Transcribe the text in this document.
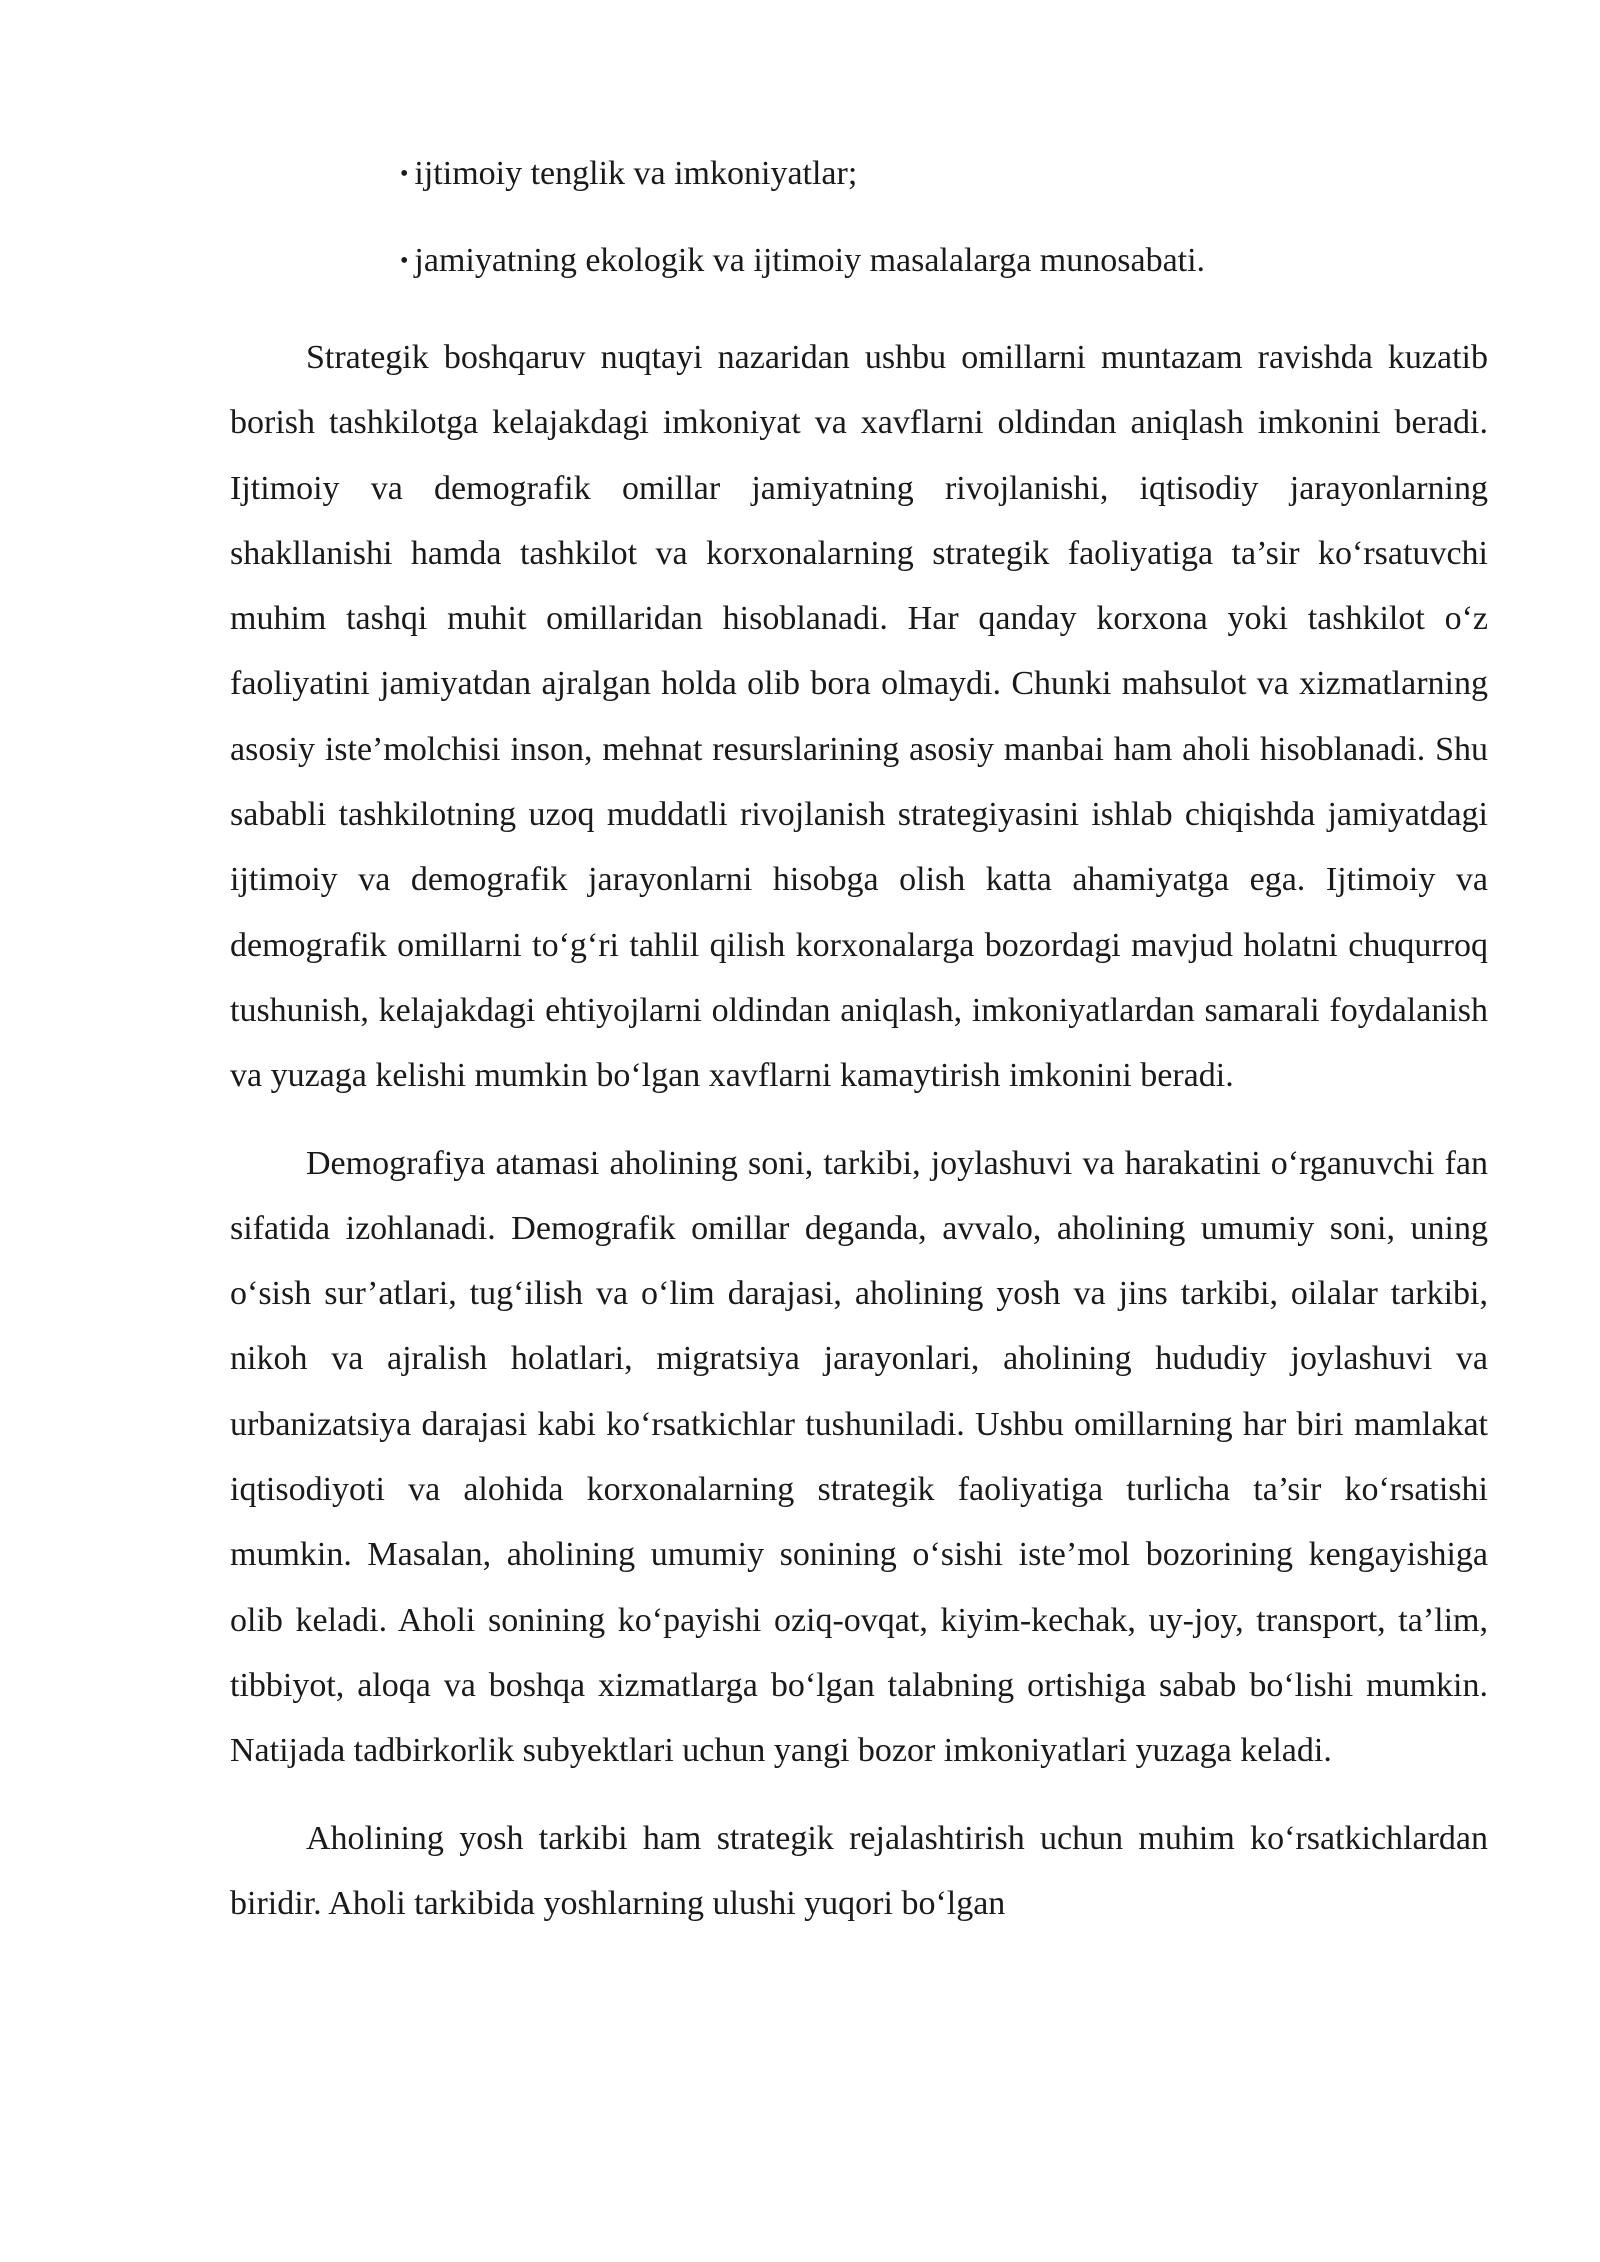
• ijtimoiy tenglik va imkoniyatlar;
• jamiyatning ekologik va ijtimoiy masalalarga munosabati.

Strategik boshqaruv nuqtayi nazaridan ushbu omillarni muntazam ravishda kuzatib borish tashkilotga kelajakdagi imkoniyat va xavflarni oldindan aniqlash imkonini beradi. Ijtimoiy va demografik omillar jamiyatning rivojlanishi, iqtisodiy jarayonlarning shakllanishi hamda tashkilot va korxonalarning strategik faoliyatiga ta’sir ko‘rsatuvchi muhim tashqi muhit omillaridan hisoblanadi. Har qanday korxona yoki tashkilot o‘z faoliyatini jamiyatdan ajralgan holda olib bora olmaydi. Chunki mahsulot va xizmatlarning asosiy iste’molchisi inson, mehnat resurslarining asosiy manbai ham aholi hisoblanadi. Shu sababli tashkilotning uzoq muddatli rivojlanish strategiyasini ishlab chiqishda jamiyatdagi ijtimoiy va demografik jarayonlarni hisobga olish katta ahamiyatga ega. Ijtimoiy va demografik omillarni to‘g‘ri tahlil qilish korxonalarga bozordagi mavjud holatni chuqurroq tushunish, kelajakdagi ehtiyojlarni oldindan aniqlash, imkoniyatlardan samarali foydalanish va yuzaga kelishi mumkin bo‘lgan xavflarni kamaytirish imkonini beradi.

Demografiya atamasi aholining soni, tarkibi, joylashuvi va harakatini o‘rganuvchi fan sifatida izohlanadi. Demografik omillar deganda, avvalo, aholining umumiy soni, uning o‘sish sur’atlari, tug‘ilish va o‘lim darajasi, aholining yosh va jins tarkibi, oilalar tarkibi, nikoh va ajralish holatlari, migratsiya jarayonlari, aholining hududiy joylashuvi va urbanizatsiya darajasi kabi ko‘rsatkichlar tushuniladi. Ushbu omillarning har biri mamlakat iqtisodiyoti va alohida korxonalarning strategik faoliyatiga turlicha ta’sir ko‘rsatishi mumkin. Masalan, aholining umumiy sonining o‘sishi iste’mol bozorining kengayishiga olib keladi. Aholi sonining ko‘payishi oziq-ovqat, kiyim-kechak, uy-joy, transport, ta’lim, tibbiyot, aloqa va boshqa xizmatlarga bo‘lgan talabning ortishiga sabab bo‘lishi mumkin. Natijada tadbirkorlik subyektlari uchun yangi bozor imkoniyatlari yuzaga keladi.

Aholining yosh tarkibi ham strategik rejalashtirish uchun muhim ko‘rsatkichlardan biridir. Aholi tarkibida yoshlarning ulushi yuqori bo‘lgan
